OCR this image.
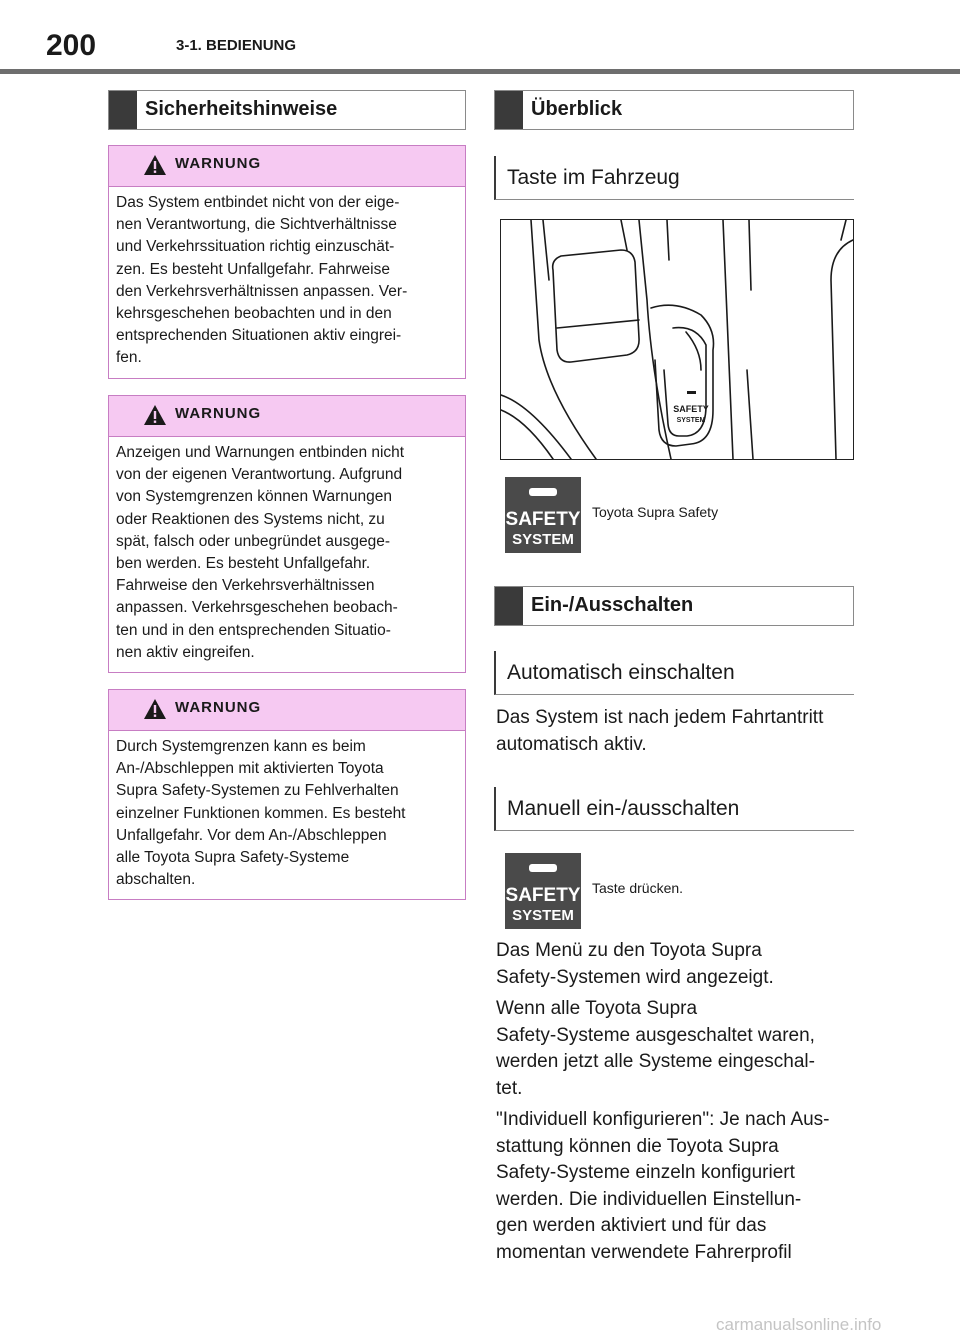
200	3-1. BEDIENUNG
Sicherheitshinweise
WARNUNG
Das System entbindet nicht von der eige-
nen Verantwortung, die Sichtverhältnisse
und Verkehrssituation richtig einzuschät-
zen. Es besteht Unfallgefahr. Fahrweise
den Verkehrsverhältnissen anpassen. Ver-
kehrsgeschehen beobachten und in den
entsprechenden Situationen aktiv eingrei-
fen.
WARNUNG
Anzeigen und Warnungen entbinden nicht
von der eigenen Verantwortung. Aufgrund
von Systemgrenzen können Warnungen
oder Reaktionen des Systems nicht, zu
spät, falsch oder unbegründet ausgege-
ben werden. Es besteht Unfallgefahr.
Fahrweise den Verkehrsverhältnissen
anpassen. Verkehrsgeschehen beobach-
ten und in den entsprechenden Situatio-
nen aktiv eingreifen.
WARNUNG
Durch Systemgrenzen kann es beim
An-/Abschleppen mit aktivierten Toyota
Supra Safety-Systemen zu Fehlverhalten
einzelner Funktionen kommen. Es besteht
Unfallgefahr. Vor dem An-/Abschleppen
alle Toyota Supra Safety-Systeme
abschalten.
Überblick
Taste im Fahrzeug
SAFETY
SYSTEM
SAFETY
SYSTEM
Toyota Supra Safety
Ein-/Ausschalten
Automatisch einschalten
Das System ist nach jedem Fahrtantritt
automatisch aktiv.
Manuell ein-/ausschalten
SAFETY
SYSTEM
Taste drücken.
Das Menü zu den Toyota Supra
Safety-Systemen wird angezeigt.
Wenn alle Toyota Supra
Safety-Systeme ausgeschaltet waren,
werden jetzt alle Systeme eingeschal-
tet.
"Individuell konfigurieren": Je nach Aus-
stattung können die Toyota Supra
Safety-Systeme einzeln konfiguriert
werden. Die individuellen Einstellun-
gen werden aktiviert und für das
momentan verwendete Fahrerprofil
carmanualsonline.info
